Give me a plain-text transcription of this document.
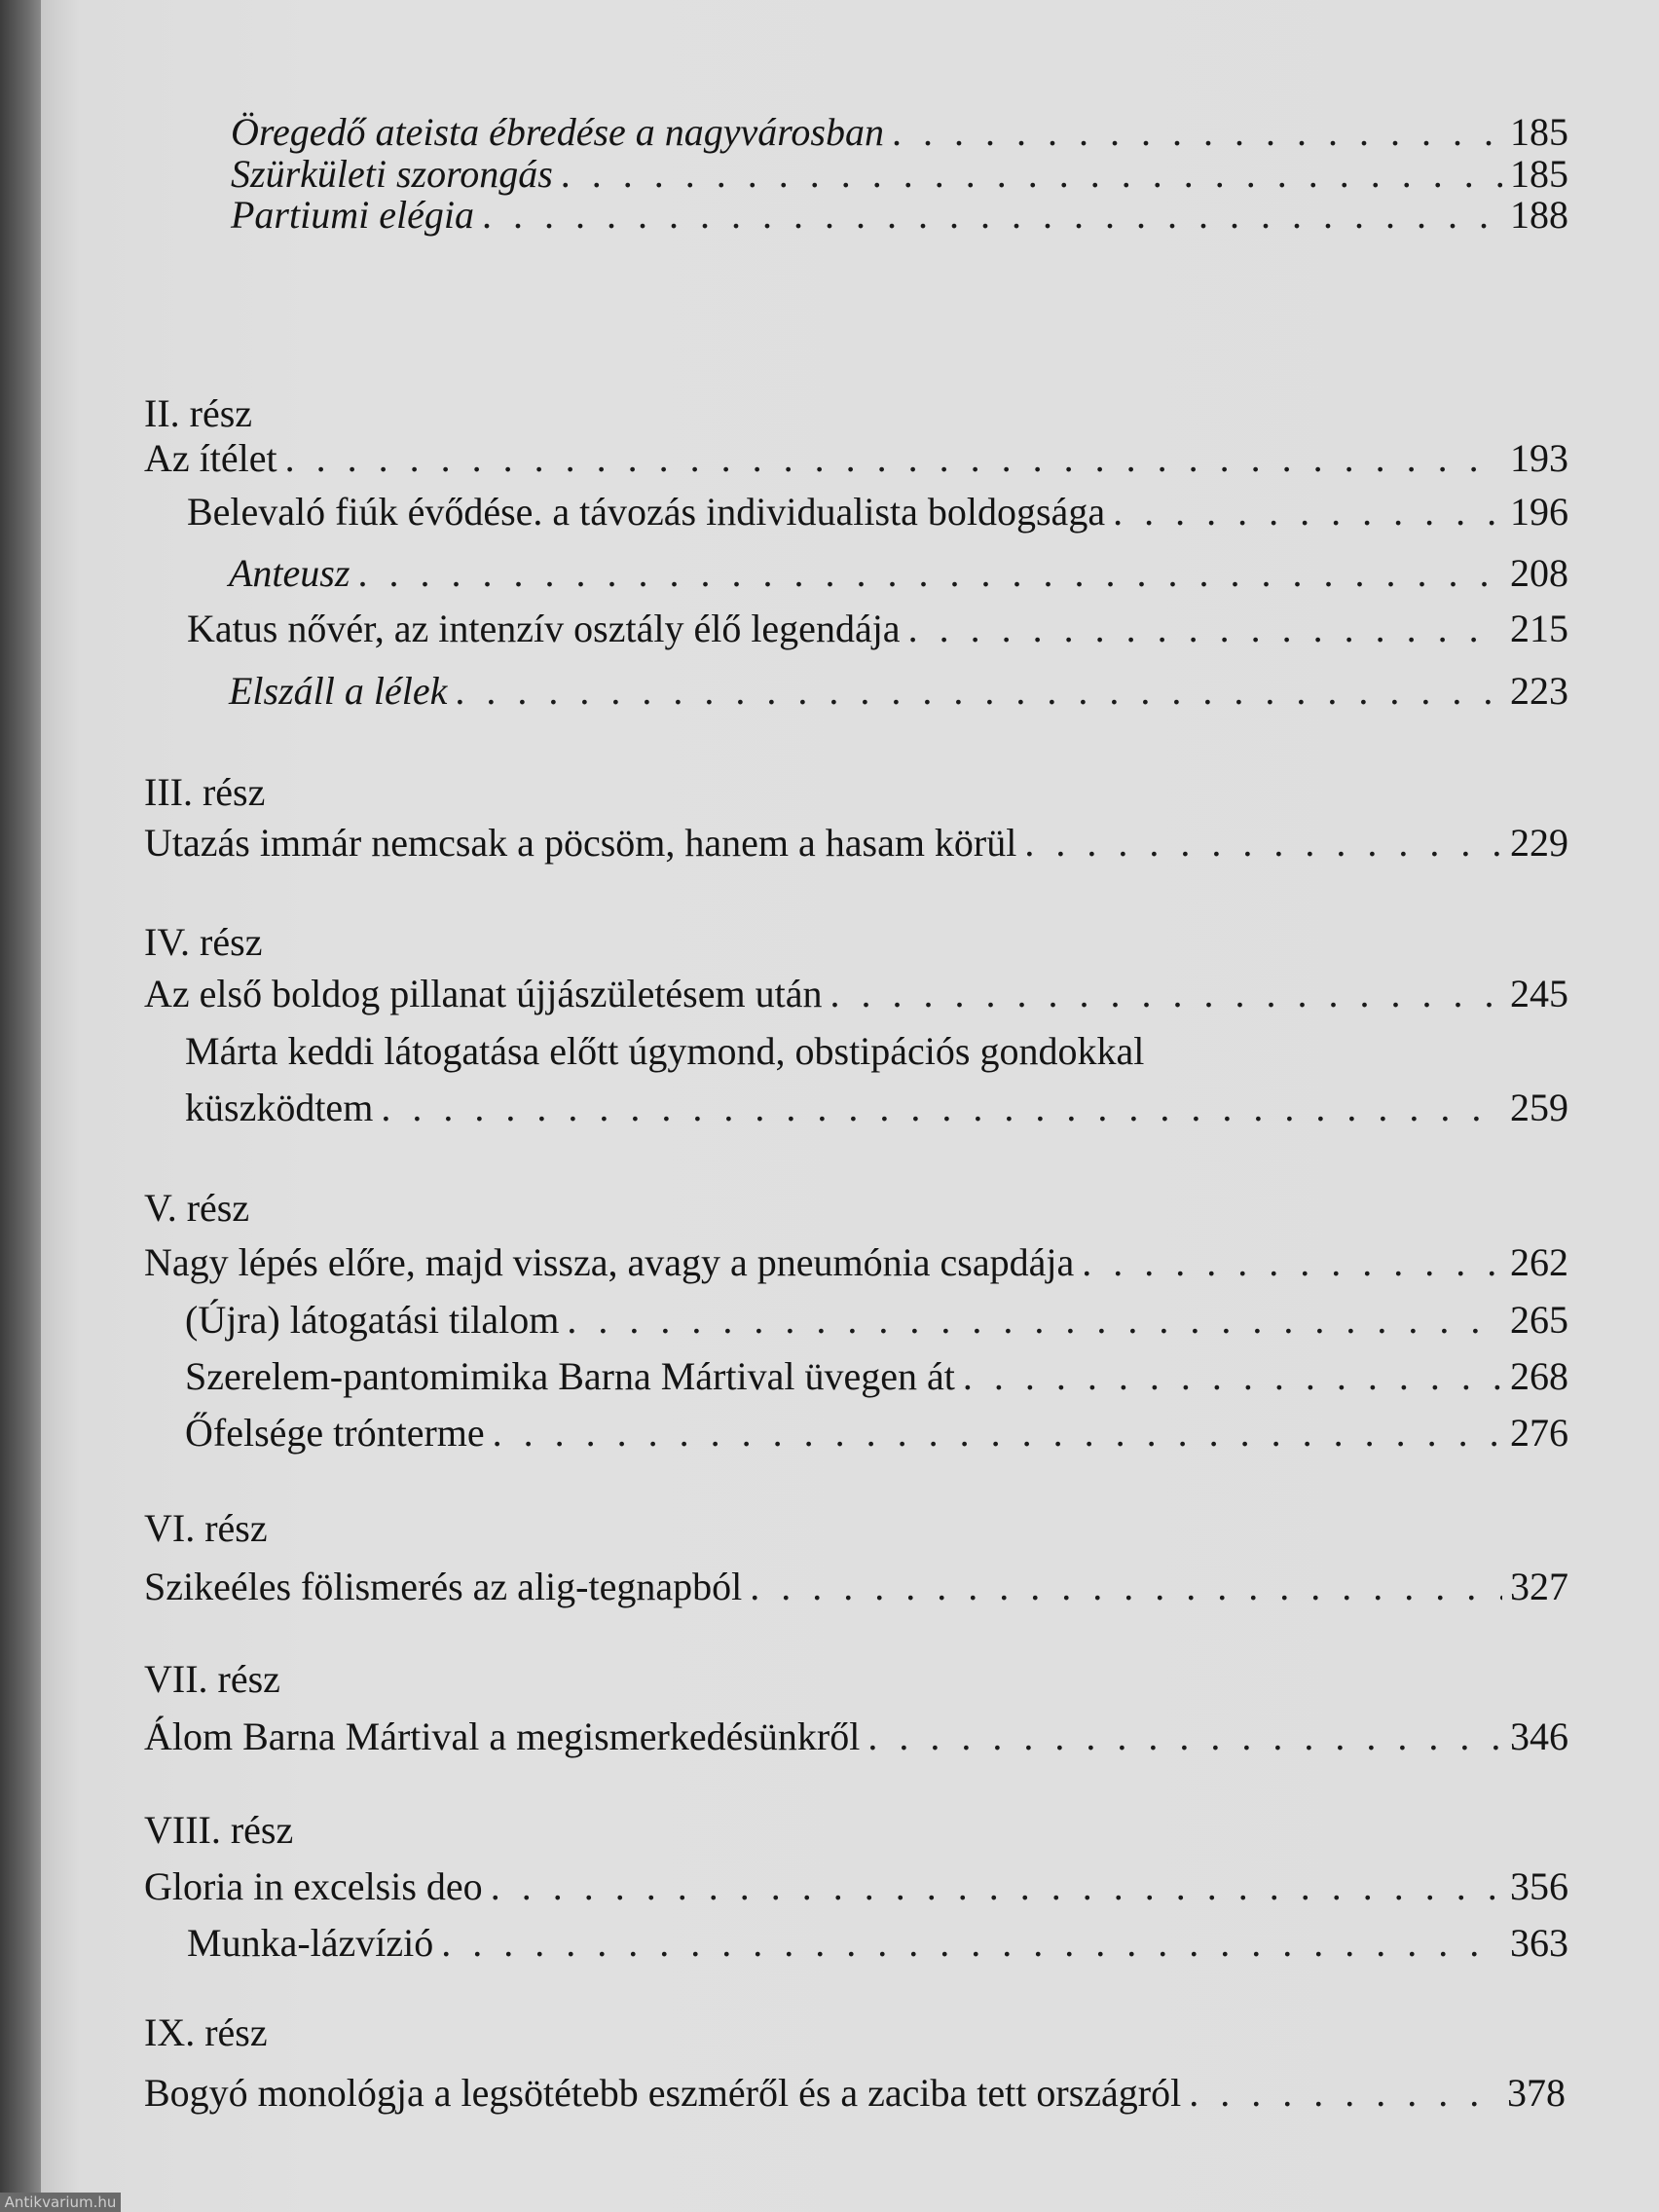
Öregedő ateista ébredése a nagyvárosban . . .	185
Szürkületi szorongás . . .	185
Partiumi elégia . . .	188
II. rész
Az ítélet . . .	193
Belevaló fiúk évődése. a távozás individualista boldogsága . . .	196
Anteusz . . .	208
Katus nővér, az intenzív osztály élő legendája . . .	215
Elszáll a lélek . . .	223
III. rész
Utazás immár nemcsak a pöcsöm, hanem a hasam körül . . .	229
IV. rész
Az első boldog pillanat újjászületésem után . . .	245
Márta keddi látogatása előtt úgymond, obstipációs gondokkal
küszködtem . . .	259
V. rész
Nagy lépés előre, majd vissza, avagy a pneumónia csapdája . . .	262
(Újra) látogatási tilalom . . .	265
Szerelem-pantomimika Barna Mártival üvegen át . . .	268
Őfelsége trónterme . . .	276
VI. rész
Szikeéles fölismerés az alig-tegnapból . . .	327
VII. rész
Álom Barna Mártival a megismerkedésünkről . . .	346
VIII. rész
Gloria in excelsis deo . . .	356
Munka-lázvízió . . .	363
IX. rész
Bogyó monológja a legsötétebb eszméről és a zaciba tett országról . . .	378
Antikvarium.hu
